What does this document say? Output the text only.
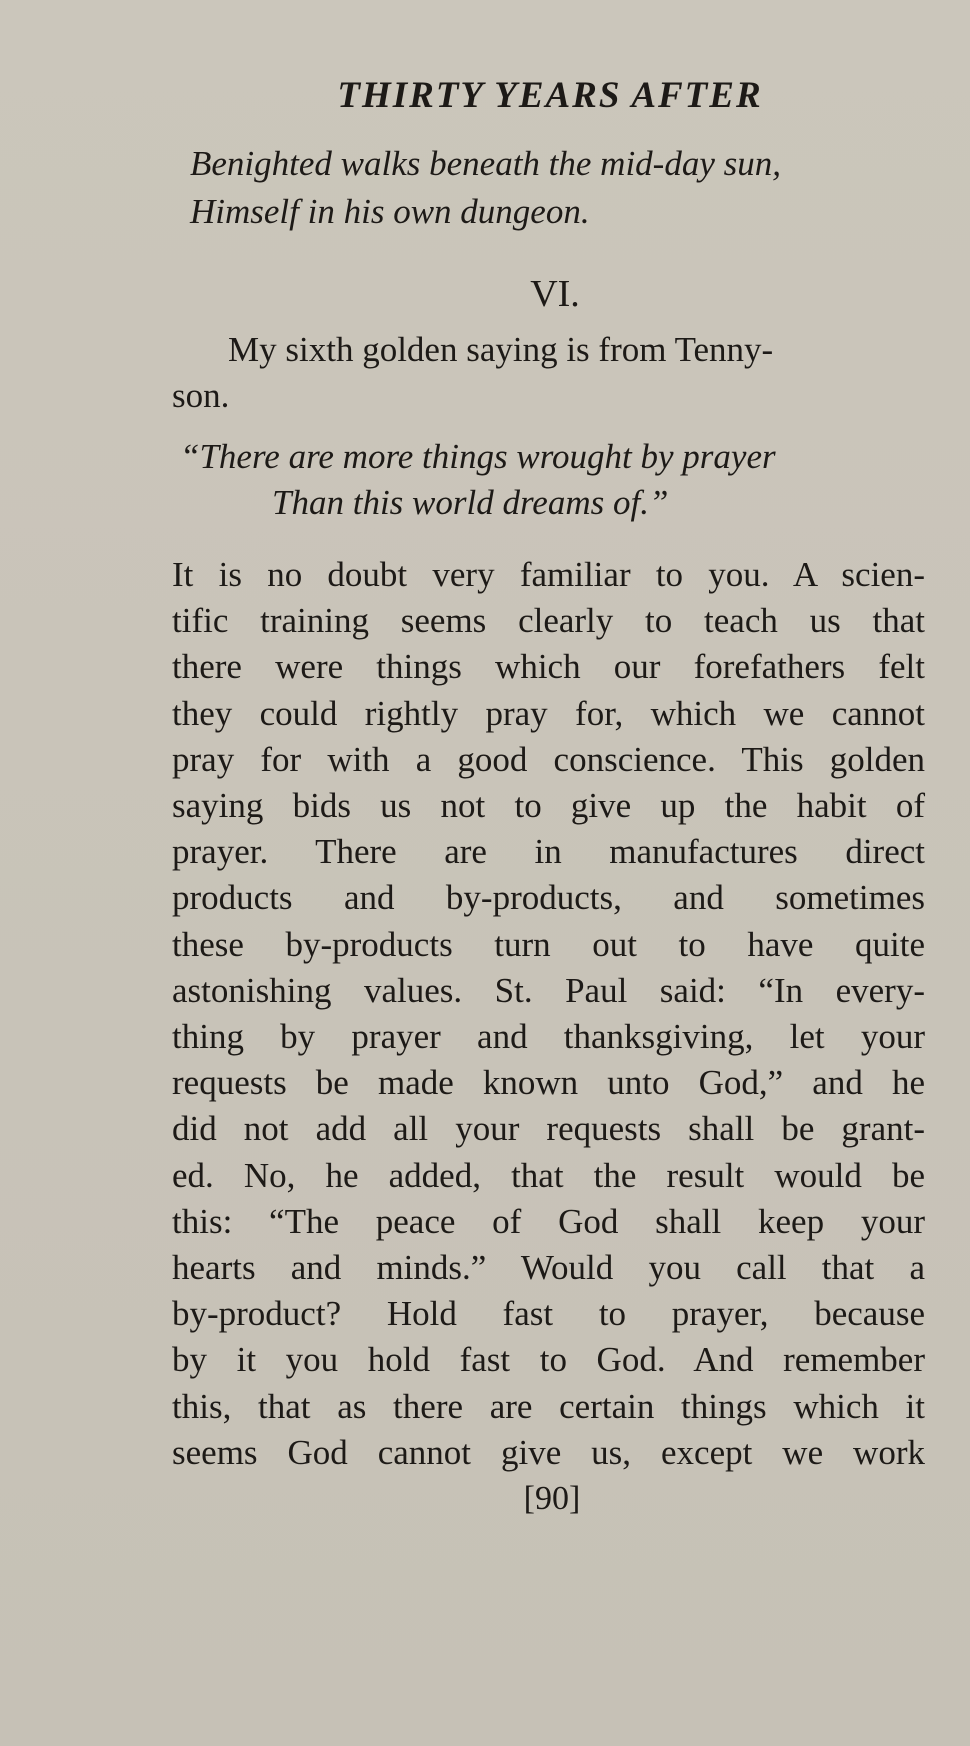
THIRTY YEARS AFTER
Benighted walks beneath the mid-day sun,
Himself in his own dungeon.
VI.
My sixth golden saying is from Tenny-
son.
“There are more things wrought by prayer
Than this world dreams of.”
It is no doubt very familiar to you. A scien-
tific training seems clearly to teach us that
there were things which our forefathers felt
they could rightly pray for, which we cannot
pray for with a good conscience. This golden
saying bids us not to give up the habit of
prayer. There are in manufactures direct
products and by-products, and sometimes
these by-products turn out to have quite
astonishing values. St. Paul said: “In every-
thing by prayer and thanksgiving, let your
requests be made known unto God,” and he
did not add all your requests shall be grant-
ed. No, he added, that the result would be
this: “The peace of God shall keep your
hearts and minds.” Would you call that a
by-product? Hold fast to prayer, because
by it you hold fast to God. And remember
this, that as there are certain things which it
seems God cannot give us, except we work
[90]
